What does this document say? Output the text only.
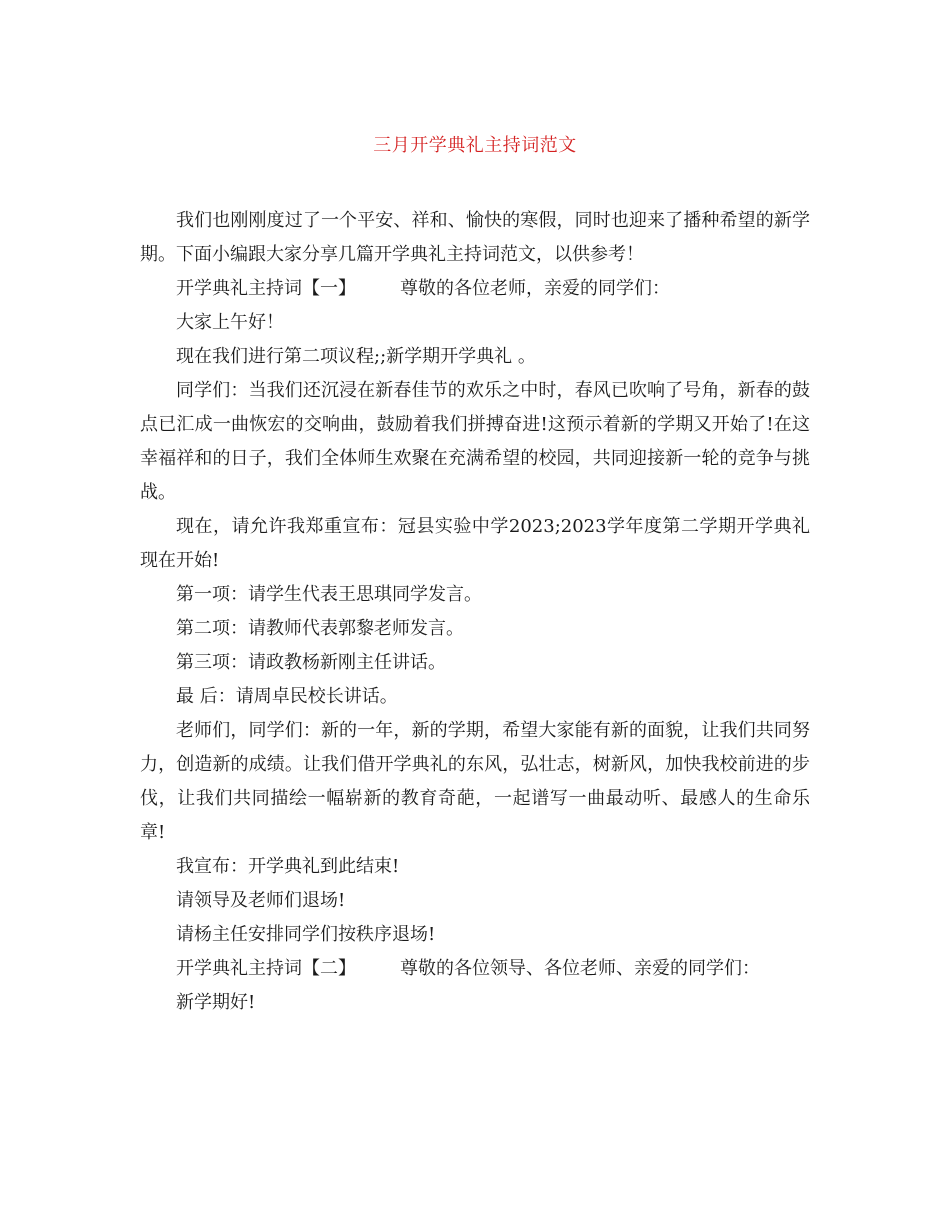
三月开学典礼主持词范文

我们也刚刚度过了一个平安、祥和、愉快的寒假，同时也迎来了播种希望的新学期。下面小编跟大家分享几篇开学典礼主持词范文，以供参考！

开学典礼主持词【一】 尊敬的各位老师，亲爱的同学们：

大家上午好！

现在我们进行第二项议程;;新学期开学典礼 。

同学们：当我们还沉浸在新春佳节的欢乐之中时，春风已吹响了号角，新春的鼓点已汇成一曲恢宏的交响曲，鼓励着我们拼搏奋进!这预示着新的学期又开始了!在这幸福祥和的日子，我们全体师生欢聚在充满希望的校园，共同迎接新一轮的竞争与挑战。

现在，请允许我郑重宣布：冠县实验中学2023;2023学年度第二学期开学典礼现在开始!

第一项：请学生代表王思琪同学发言。

第二项：请教师代表郭黎老师发言。

第三项：请政教杨新刚主任讲话。

最 后：请周卓民校长讲话。

老师们，同学们：新的一年，新的学期，希望大家能有新的面貌，让我们共同努力，创造新的成绩。让我们借开学典礼的东风，弘壮志，树新风，加快我校前进的步伐，让我们共同描绘一幅崭新的教育奇葩，一起谱写一曲最动听、最感人的生命乐章!

我宣布：开学典礼到此结束!

请领导及老师们退场!

请杨主任安排同学们按秩序退场!

开学典礼主持词【二】 尊敬的各位领导、各位老师、亲爱的同学们：

新学期好!
